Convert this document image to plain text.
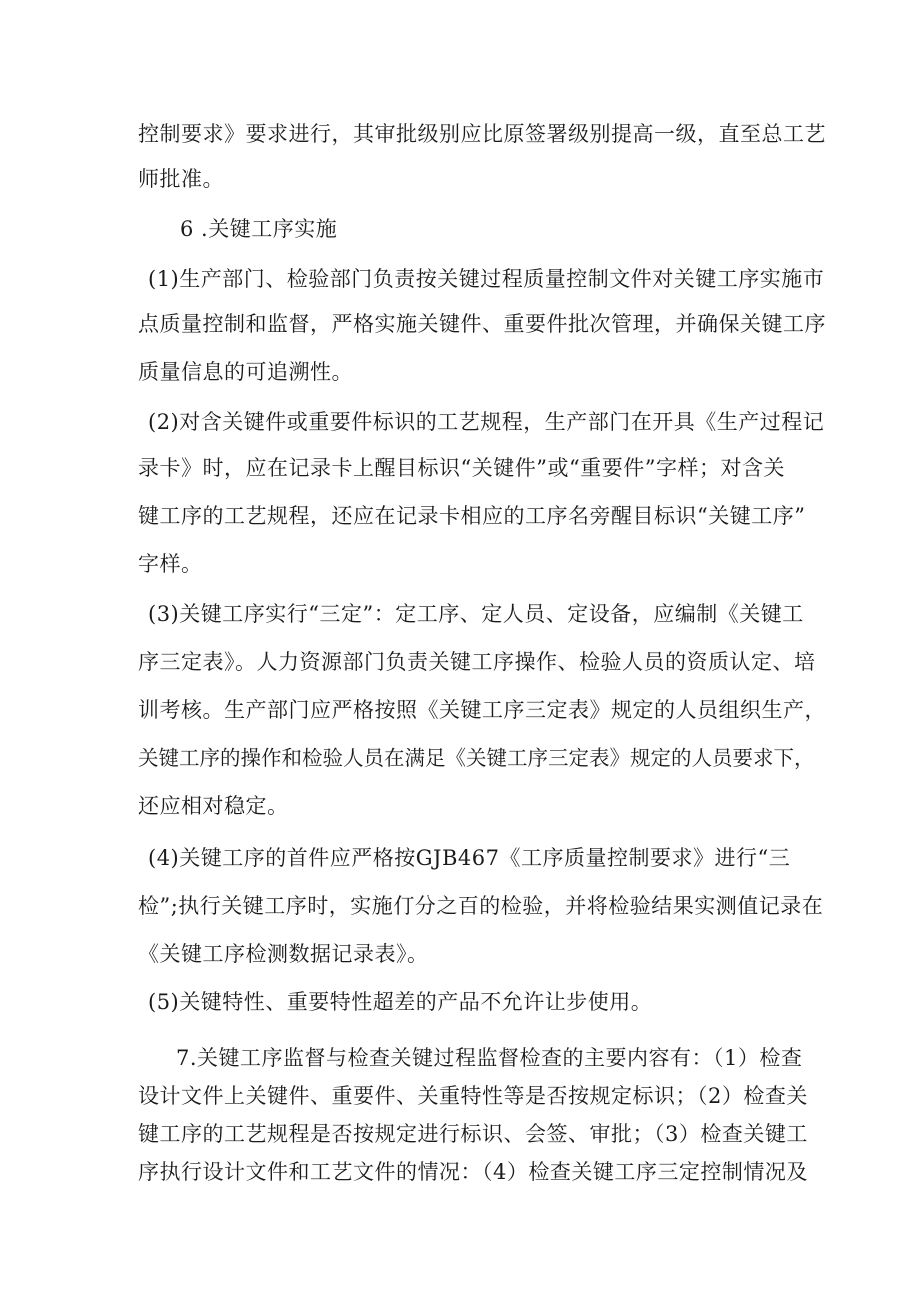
控制要求》要求进行，其审批级别应比原签署级别提高一级，直至总工艺
师批准。
6 .关键工序实施
(1)生产部门、检验部门负责按关键过程质量控制文件对关键工序实施市
点质量控制和监督，严格实施关键件、重要件批次管理，并确保关键工序
质量信息的可追溯性。
(2)对含关键件或重要件标识的工艺规程，生产部门在开具《生产过程记
录卡》时，应在记录卡上醒目标识“关键件”或“重要件”字样；对含关
键工序的工艺规程，还应在记录卡相应的工序名旁醒目标识“关键工序”
字样。
(3)关键工序实行“三定”：定工序、定人员、定设备，应编制《关键工
序三定表》。人力资源部门负责关键工序操作、检验人员的资质认定、培
训考核。生产部门应严格按照《关键工序三定表》规定的人员组织生产，
关键工序的操作和检验人员在满足《关键工序三定表》规定的人员要求下，
还应相对稳定。
(4)关键工序的首件应严格按GJB467《工序质量控制要求》进行“三
检”;执行关键工序时，实施仃分之百的检验，并将检验结果实测值记录在
《关键工序检测数据记录表》。
(5)关键特性、重要特性超差的产品不允许让步使用。
7.关键工序监督与检查关键过程监督检查的主要内容有：（1）检查
设计文件上关键件、重要件、关重特性等是否按规定标识；（2）检查关
键工序的工艺规程是否按规定进行标识、会签、审批；（3）检查关键工
序执行设计文件和工艺文件的情况：（4）检查关键工序三定控制情况及
